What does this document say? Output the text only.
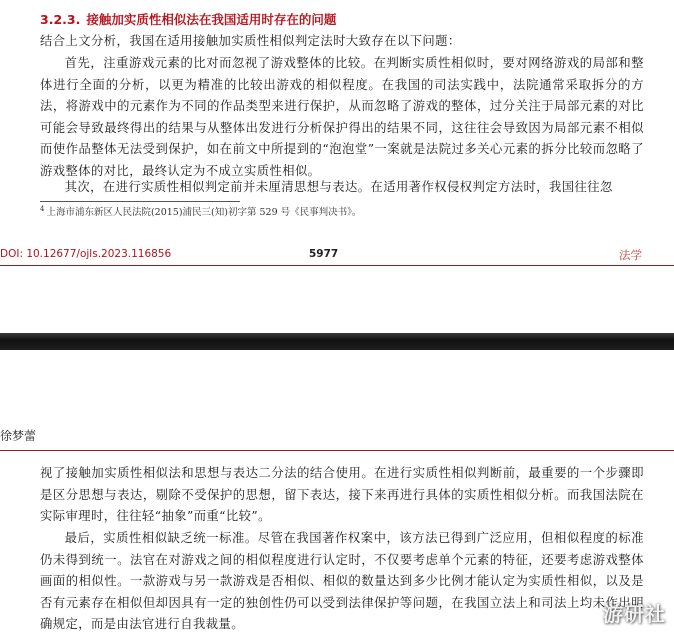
3.2.3. 接触加实质性相似法在我国适用时存在的问题

结合上文分析，我国在适用接触加实质性相似判定法时大致存在以下问题：

首先，注重游戏元素的比对而忽视了游戏整体的比较。在判断实质性相似时，要对网络游戏的局部和整体进行全面的分析，以更为精准的比较出游戏的相似程度。在我国的司法实践中，法院通常采取拆分的方法，将游戏中的元素作为不同的作品类型来进行保护，从而忽略了游戏的整体，过分关注于局部元素的对比可能会导致最终得出的结果与从整体出发进行分析保护得出的结果不同，这往往会导致因为局部元素不相似而使作品整体无法受到保护，如在前文中所提到的“泡泡堂”一案就是法院过多关心元素的拆分比较而忽略了游戏整体的对比，最终认定为不成立实质性相似。

其次，在进行实质性相似判定前并未厘清思想与表达。在适用著作权侵权判定方法时，我国往往忽

$^4$ 上海市浦东新区人民法院(2015)浦民三(知)初字第 529 号《民事判决书》。
DOI: 10.12677/ojls.2023.116856	5977	法学
徐梦蕾

视了接触加实质性相似法和思想与表达二分法的结合使用。在进行实质性相似判断前，最重要的一个步骤即是区分思想与表达，剔除不受保护的思想，留下表达，接下来再进行具体的实质性相似分析。而我国法院在实际审理时，往往轻“抽象”而重“比较”。

最后，实质性相似缺乏统一标准。尽管在我国著作权案中，该方法已得到广泛应用，但相似程度的标准仍未得到统一。法官在对游戏之间的相似程度进行认定时，不仅要考虑单个元素的特征，还要考虑游戏整体画面的相似性。一款游戏与另一款游戏是否相似、相似的数量达到多少比例才能认定为实质性相似，以及是否有元素存在相似但却因具有一定的独创性仍可以受到法律保护等问题，在我国立法上和司法上均未作出明确规定，而是由法官进行自我裁量。	游研社
